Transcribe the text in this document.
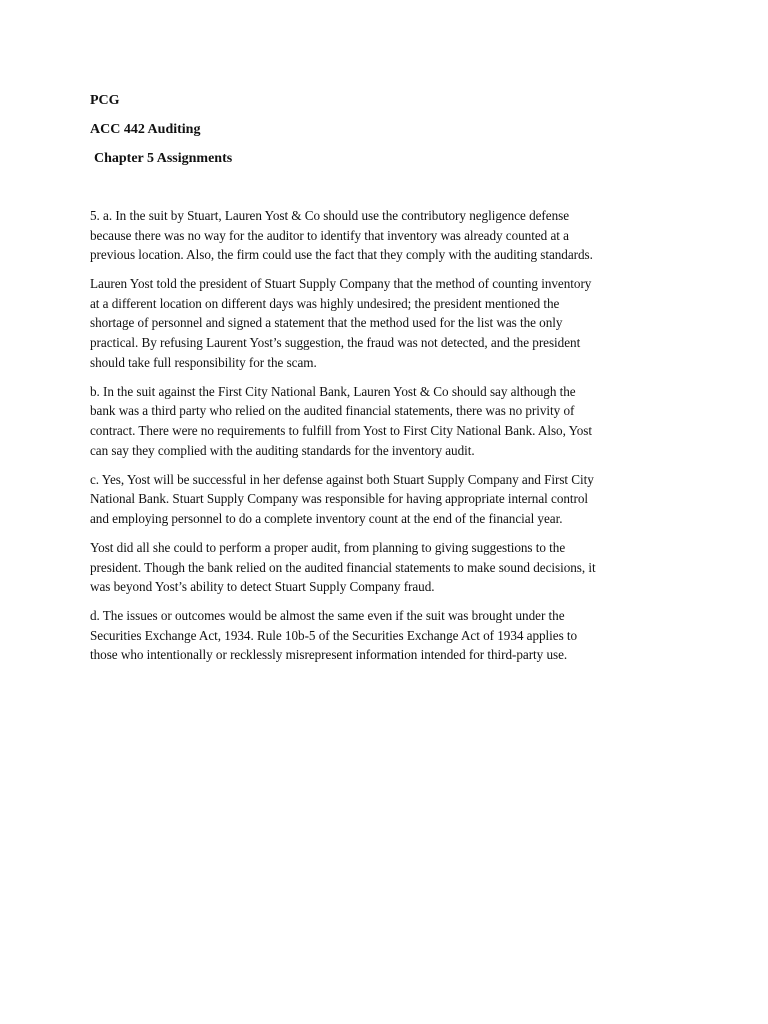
PCG
ACC 442 Auditing
Chapter 5 Assignments

5. a. In the suit by Stuart, Lauren Yost & Co should use the contributory negligence defense
because there was no way for the auditor to identify that inventory was already counted at a
previous location. Also, the firm could use the fact that they comply with the auditing standards.

Lauren Yost told the president of Stuart Supply Company that the method of counting inventory
at a different location on different days was highly undesired; the president mentioned the
shortage of personnel and signed a statement that the method used for the list was the only
practical. By refusing Laurent Yost’s suggestion, the fraud was not detected, and the president
should take full responsibility for the scam.

b. In the suit against the First City National Bank, Lauren Yost & Co should say although the
bank was a third party who relied on the audited financial statements, there was no privity of
contract. There were no requirements to fulfill from Yost to First City National Bank. Also, Yost
can say they complied with the auditing standards for the inventory audit.

c. Yes, Yost will be successful in her defense against both Stuart Supply Company and First City
National Bank. Stuart Supply Company was responsible for having appropriate internal control
and employing personnel to do a complete inventory count at the end of the financial year.

Yost did all she could to perform a proper audit, from planning to giving suggestions to the
president. Though the bank relied on the audited financial statements to make sound decisions, it
was beyond Yost’s ability to detect Stuart Supply Company fraud.

d. The issues or outcomes would be almost the same even if the suit was brought under the
Securities Exchange Act, 1934. Rule 10b-5 of the Securities Exchange Act of 1934 applies to
those who intentionally or recklessly misrepresent information intended for third-party use.
